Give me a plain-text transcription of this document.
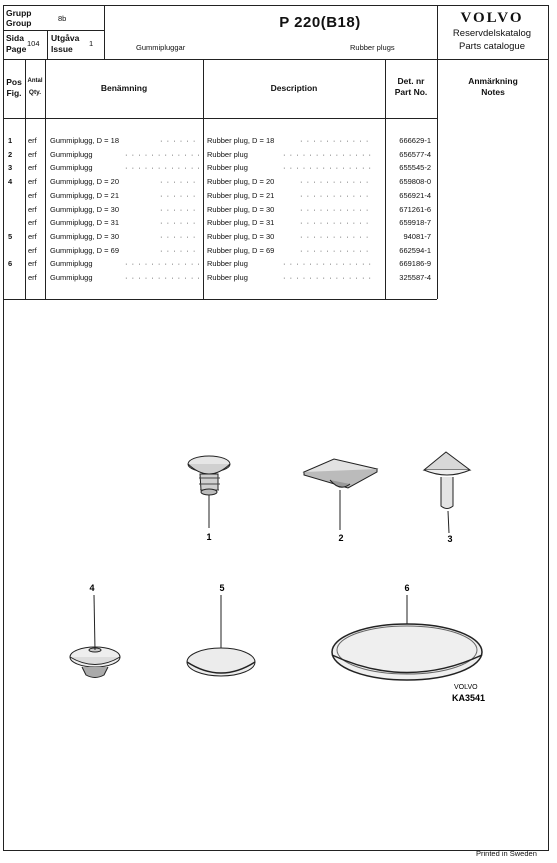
Grupp
Group	8b
Sida
Page
104
Utgåva
Issue
1
P 220(B18)
Gummipluggar	Rubber plugs
VOLVO
Reservdelskatalog
Parts catalogue
Pos
Fig.
Antal
Qty.	Benämning	Description
Det. nr
Part No.
Anmärkning
Notes
1 erf Gummiplugg, D = 18	Rubber plug, D = 18	666629-1
· · · · · ·	· · · · · · · · · · ·
2 erf Gummiplugg	Rubber plug	656577-4
· · · · · · · · · · · ·	· · · · · · · · · · · · · ·
3 erf Gummiplugg	Rubber plug	655545-2
· · · · · · · · · · · ·	· · · · · · · · · · · · · ·
4 erf Gummiplugg, D = 20	Rubber plug, D = 20	659808-0
· · · · · ·	· · · · · · · · · · ·
erf Gummiplugg, D = 21	Rubber plug, D = 21	656921-4
· · · · · ·	· · · · · · · · · · ·
erf Gummiplugg, D = 30	Rubber plug, D = 30	671261-6
· · · · · ·	· · · · · · · · · · ·
erf Gummiplugg, D = 31	Rubber plug, D = 31	659918-7
· · · · · ·	· · · · · · · · · · ·
5 erf Gummiplugg, D = 30	Rubber plug, D = 30	94081-7
· · · · · ·	· · · · · · · · · · ·
erf Gummiplugg, D = 69	Rubber plug, D = 69	662594-1
· · · · · ·	· · · · · · · · · · ·
6 erf Gummiplugg	Rubber plug	669186-9
· · · · · · · · · · · ·	· · · · · · · · · · · · · ·
erf Gummiplugg	Rubber plug	325587-4
· · · · · · · · · · · ·	· · · · · · · · · · · · · ·
1	2	3
4	5	6
VOLVO
KA3541
Printed in Sweden
